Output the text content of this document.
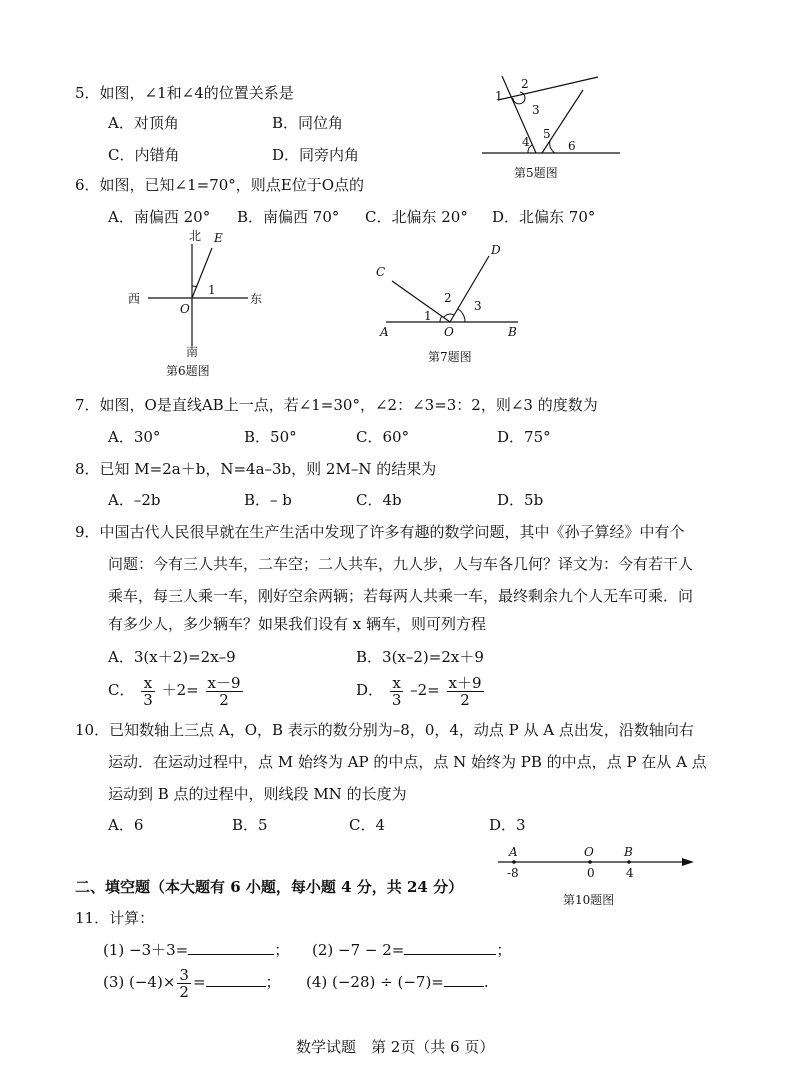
5．如图，∠1和∠4的位置关系是
A．对顶角	B．同位角
C．内错角	D．同旁内角
1
2
3
4
5
6
第5题图
6．如图，已知∠1=70°，则点E位于O点的
A．南偏西 20° B．南偏西 70° C．北偏东 20° D．北偏东 70°
北 E
1
西
O
东
南
第6题图
C
D
A	B
O
1
2
3
第7题图
7．如图，O是直线AB上一点，若∠1=30°，∠2：∠3=3：2，则∠3 的度数为
A．30°	B．50°	C．60°	D．75°
8．已知 M=2a＋b，N=4a–3b，则 2M–N 的结果为
A．–2b	B．– b	C．4b	D．5b
9．中国古代人民很早就在生产生活中发现了许多有趣的数学问题，其中《孙子算经》中有个
问题：今有三人共车，二车空；二人共车，九人步，人与车各几何？译文为：今有若干人
乘车，每三人乘一车，刚好空余两辆；若每两人共乘一车，最终剩余九个人无车可乘．问
有多少人，多少辆车？如果我们设有 x 辆车，则可列方程
A．3(x＋2)=2x–9	B．3(x–2)=2x＋9
C． $\frac{x}{3} +2= \frac{x-9}{2}$	D． $\frac{x}{3} -2= \frac{x+9}{2}$
10．已知数轴上三点 A，O，B 表示的数分别为–8，0，4，动点 P 从 A 点出发，沿数轴向右
运动．在运动过程中，点 M 始终为 AP 的中点，点 N 始终为 PB 的中点，点 P 在从 A 点
运动到 B 点的过程中，则线段 MN 的长度为
A．6	B．5	C．4	D．3
A	O	B
-8	0	4
第10题图
二、填空题（本大题有 6 小题，每小题 4 分，共 24 分）
11．计算：
(1) −3＋3=	； (2) −7 − 2=	；
(3) $(-4)\times \frac{3}{2}$ =	； (4) (−28) ÷ (−7)=	.
数学试题　第 2页（共 6 页）
